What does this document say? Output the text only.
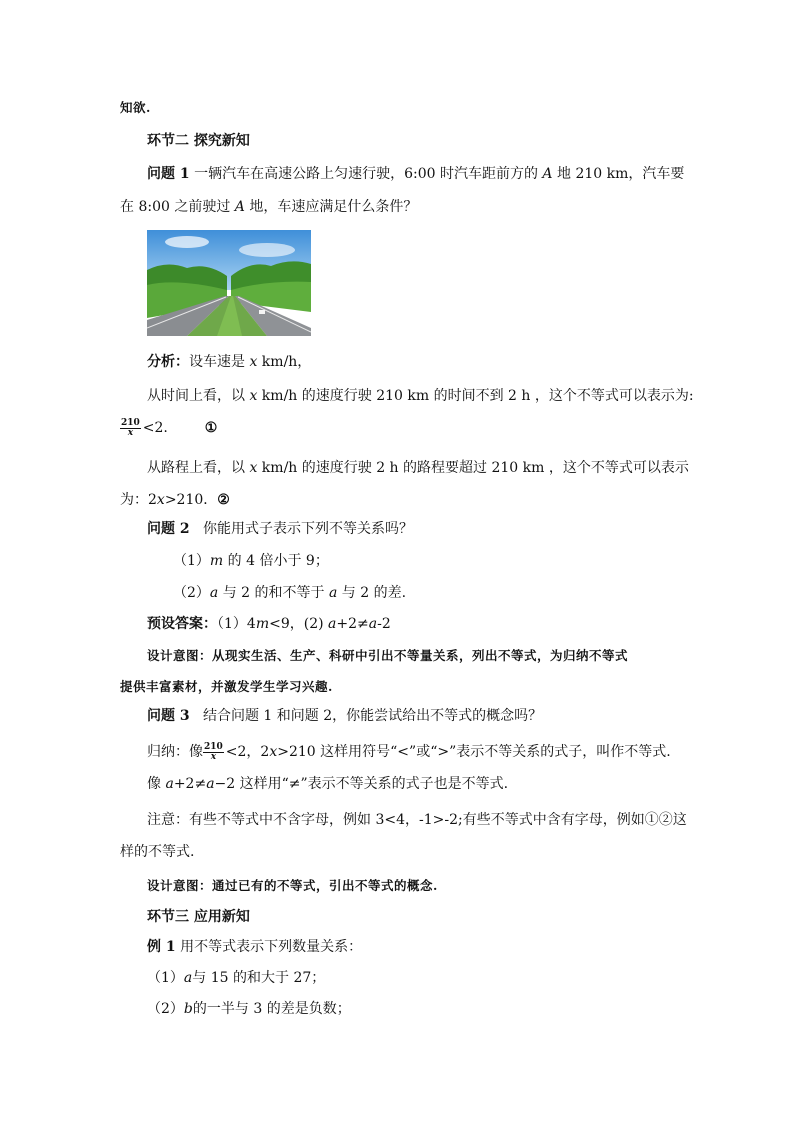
知欲.
环节二 探究新知
问题 1 一辆汽车在高速公路上匀速行驶，6:00 时汽车距前方的 A 地 210 km，汽车要
在 8:00 之前驶过 A 地，车速应满足什么条件？
分析：设车速是 x km/h，
从时间上看，以 x km/h 的速度行驶 210 km 的时间不到 2 h ，这个不等式可以表示为:
$\frac{210}{x} <2$.	①
从路程上看，以 x km/h 的速度行驶 2 h 的路程要超过 210 km ，这个不等式可以表示
为：2x>210．②
问题 2 你能用式子表示下列不等关系吗？
（1）m 的 4 倍小于 9；
（2）a 与 2 的和不等于 a 与 2 的差.
预设答案：（1）4m<9，(2) a+2≠a-2
设计意图：从现实生活、生产、科研中引出不等量关系，列出不等式，为归纳不等式
提供丰富素材，并激发学生学习兴趣.
问题 3 结合问题 1 和问题 2，你能尝试给出不等式的概念吗？
归纳：像 $\frac{210}{x} <2$，2x>210 这样用符号“<”或“>”表示不等关系的式子，叫作不等式.
像 a+2≠a−2 这样用“≠”表示不等关系的式子也是不等式.
注意：有些不等式中不含字母，例如 3<4，-1>-2;有些不等式中含有字母，例如①②这
样的不等式.
设计意图：通过已有的不等式，引出不等式的概念.
环节三 应用新知
例 1 用不等式表示下列数量关系：
（1）a与 15 的和大于 27；
（2）b的一半与 3 的差是负数；
